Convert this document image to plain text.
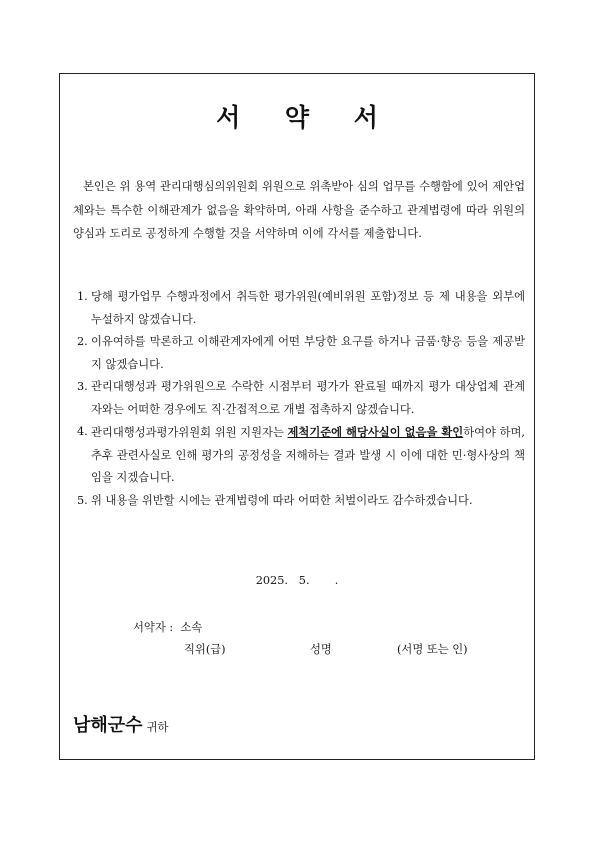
서 약 서

본인은 위 용역 관리대행심의위원회 위원으로 위촉받아 심의 업무를 수행함에 있어 제안업체와는 특수한 이해관계가 없음을 확약하며, 아래 사항을 준수하고 관계법령에 따라 위원의 양심과 도리로 공정하게 수행할 것을 서약하며 이에 각서를 제출합니다.

1. 당해 평가업무 수행과정에서 취득한 평가위원(예비위원 포함)정보 등 제 내용을 외부에 누설하지 않겠습니다.
2. 이유여하를 막론하고 이해관계자에게 어떤 부당한 요구를 하거나 금품·향응 등을 제공받지 않겠습니다.
3. 관리대행성과 평가위원으로 수락한 시점부터 평가가 완료될 때까지 평가 대상업체 관계자와는 어떠한 경우에도 직·간접적으로 개별 접촉하지 않겠습니다.
4. 관리대행성과평가위원회 위원 지원자는 제척기준에 해당사실이 없음을 확인하여야 하며, 추후 관련사실로 인해 평가의 공정성을 저해하는 결과 발생 시 이에 대한 민·형사상의 책임을 지겠습니다.
5. 위 내용을 위반할 시에는 관계법령에 따라 어떠한 처벌이라도 감수하겠습니다.
2025.   5.       .
서약자 :  소속
직위(급)	성명	(서명 또는 인)
남해군수 귀하
